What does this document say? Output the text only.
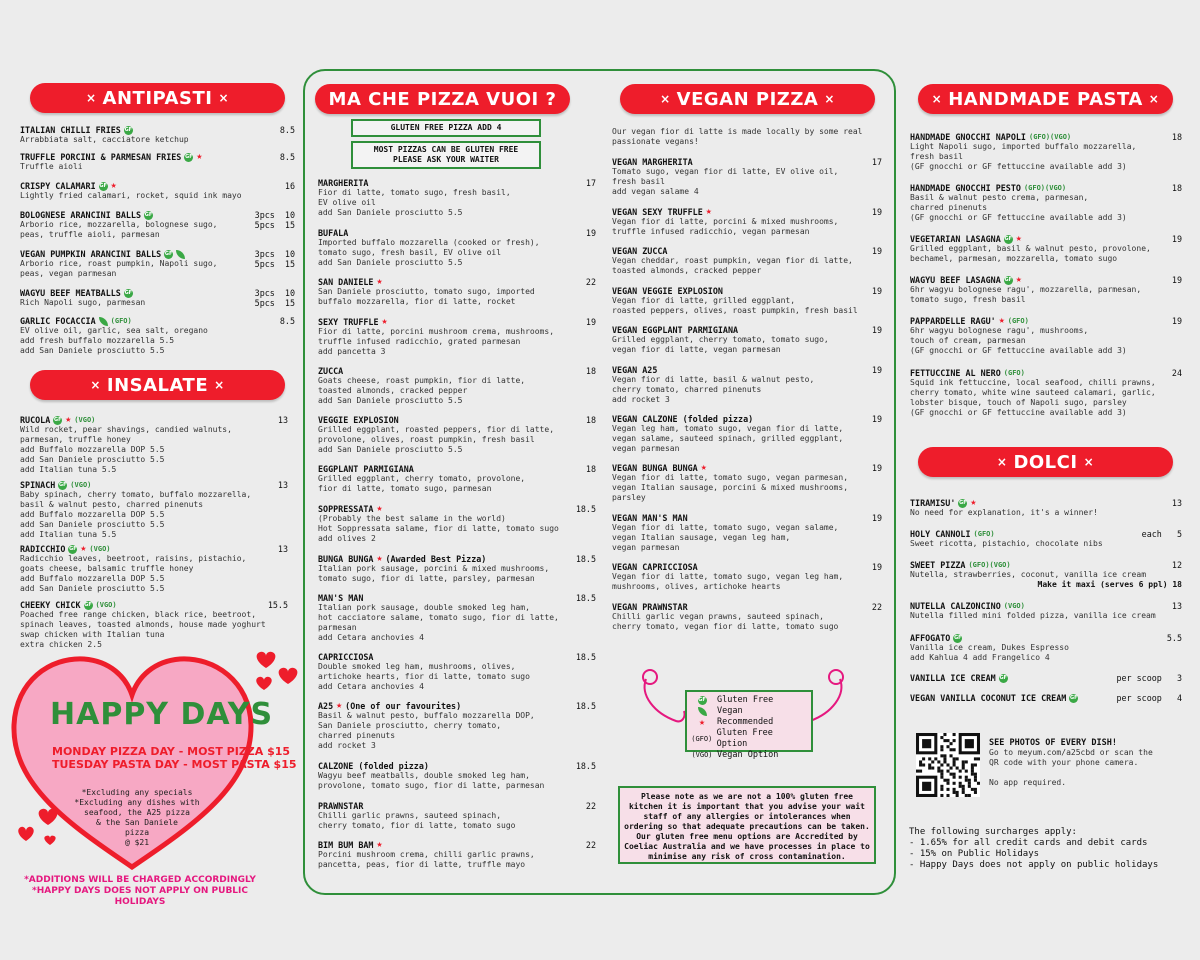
× ANTIPASTI ×	MA CHE PIZZA VUOI ?	× VEGAN PIZZA ×	× HANDMADE PASTA ×
× INSALATE ×
× DOLCI ×
GLUTEN FREE PIZZA ADD 4
MOST PIZZAS CAN BE GLUTEN FREE
PLEASE ASK YOUR WAITER
Our vegan fior di latte is made locally by some real
passionate vegans!
ITALIAN CHILLI FRIES GF	8.5
Arrabbiata salt, cacciatore ketchup
TRUFFLE PORCINI & PARMESAN FRIES GF ★	8.5
Truffle aioli
CRISPY CALAMARI GF ★	16
Lightly fried calamari, rocket, squid ink mayo
BOLOGNESE ARANCINI BALLS GF	3pcs  10
5pcs  15
Arborio rice, mozzarella, bolognese sugo,
peas, truffle aioli, parmesan
VEGAN PUMPKIN ARANCINI BALLS GF	3pcs  10
5pcs  15
Arborio rice, roast pumpkin, Napoli sugo,
peas, vegan parmesan
WAGYU BEEF MEATBALLS GF	3pcs  10
5pcs  15
Rich Napoli sugo, parmesan
GARLIC FOCACCIA (GFO)	8.5
EV olive oil, garlic, sea salt, oregano
add fresh buffalo mozzarella 5.5
add San Daniele prosciutto 5.5
RUCOLA GF ★ (VGO)	13
Wild rocket, pear shavings, candied walnuts,
parmesan, truffle honey
add Buffalo mozzarella DOP 5.5
add San Daniele prosciutto 5.5
add Italian tuna 5.5
SPINACH GF (VGO)	13
Baby spinach, cherry tomato, buffalo mozzarella,
basil & walnut pesto, charred pinenuts
add Buffalo mozzarella DOP 5.5
add San Daniele prosciutto 5.5
add Italian tuna 5.5
RADICCHIO GF ★ (VGO)	13
Radicchio leaves, beetroot, raisins, pistachio,
goats cheese, balsamic truffle honey
add Buffalo mozzarella DOP 5.5
add San Daniele prosciutto 5.5
CHEEKY CHICK GF (VGO)	15.5
Poached free range chicken, black rice, beetroot,
spinach leaves, toasted almonds, house made yoghurt
swap chicken with Italian tuna
extra chicken 2.5
MARGHERITA	17
Fior di latte, tomato sugo, fresh basil,
EV olive oil
add San Daniele prosciutto 5.5
BUFALA	19
Imported buffalo mozzarella (cooked or fresh),
tomato sugo, fresh basil, EV olive oil
add San Daniele prosciutto 5.5
SAN DANIELE ★	22
San Daniele prosciutto, tomato sugo, imported
buffalo mozzarella, fior di latte, rocket
SEXY TRUFFLE ★	19
Fior di latte, porcini mushroom crema, mushrooms,
truffle infused radicchio, grated parmesan
add pancetta 3
ZUCCA	18
Goats cheese, roast pumpkin, fior di latte,
toasted almonds, cracked pepper
add San Daniele prosciutto 5.5
VEGGIE EXPLOSION	18
Grilled eggplant, roasted peppers, fior di latte,
provolone, olives, roast pumpkin, fresh basil
add San Daniele prosciutto 5.5
EGGPLANT PARMIGIANA	18
Grilled eggplant, cherry tomato, provolone,
fior di latte, tomato sugo, parmesan
SOPPRESSATA ★	18.5
(Probably the best salame in the world)
Hot Soppressata salame, fior di latte, tomato sugo
add olives 2
BUNGA BUNGA ★ (Awarded Best Pizza)	18.5
Italian pork sausage, porcini & mixed mushrooms,
tomato sugo, fior di latte, parsley, parmesan
MAN'S MAN	18.5
Italian pork sausage, double smoked leg ham,
hot cacciatore salame, tomato sugo, fior di latte,
parmesan
add Cetara anchovies 4
CAPRICCIOSA	18.5
Double smoked leg ham, mushrooms, olives,
artichoke hearts, fior di latte, tomato sugo
add Cetara anchovies 4
A25 ★ (One of our favourites)	18.5
Basil & walnut pesto, buffalo mozzarella DOP,
San Daniele prosciutto, cherry tomato,
charred pinenuts
add rocket 3
CALZONE (folded pizza)	18.5
Wagyu beef meatballs, double smoked leg ham,
provolone, tomato sugo, fior di latte, parmesan
PRAWNSTAR	22
Chilli garlic prawns, sauteed spinach,
cherry tomato, fior di latte, tomato sugo
BIM BUM BAM ★	22
Porcini mushroom crema, chilli garlic prawns,
pancetta, peas, fior di latte, truffle mayo
VEGAN MARGHERITA	17
Tomato sugo, vegan fior di latte, EV olive oil,
fresh basil
add vegan salame 4
VEGAN SEXY TRUFFLE ★	19
Vegan fior di latte, porcini & mixed mushrooms,
truffle infused radicchio, vegan parmesan
VEGAN ZUCCA	19
Vegan cheddar, roast pumpkin, vegan fior di latte,
toasted almonds, cracked pepper
VEGAN VEGGIE EXPLOSION	19
Vegan fior di latte, grilled eggplant,
roasted peppers, olives, roast pumpkin, fresh basil
VEGAN EGGPLANT PARMIGIANA	19
Grilled eggplant, cherry tomato, tomato sugo,
vegan fior di latte, vegan parmesan
VEGAN A25	19
Vegan fior di latte, basil & walnut pesto,
cherry tomato, charred pinenuts
add rocket 3
VEGAN CALZONE (folded pizza)	19
Vegan leg ham, tomato sugo, vegan fior di latte,
vegan salame, sauteed spinach, grilled eggplant,
vegan parmesan
VEGAN BUNGA BUNGA ★	19
Vegan fior di latte, tomato sugo, vegan parmesan,
vegan Italian sausage, porcini & mixed mushrooms,
parsley
VEGAN MAN'S MAN	19
Vegan fior di latte, tomato sugo, vegan salame,
vegan Italian sausage, vegan leg ham,
vegan parmesan
VEGAN CAPRICCIOSA	19
Vegan fior di latte, tomato sugo, vegan leg ham,
mushrooms, olives, artichoke hearts
VEGAN PRAWNSTAR	22
Chilli garlic vegan prawns, sauteed spinach,
cherry tomato, vegan fior di latte, tomato sugo
HANDMADE GNOCCHI NAPOLI (GFO)(VGO)	18
Light Napoli sugo, imported buffalo mozzarella,
fresh basil
(GF gnocchi or GF fettuccine available add 3)
HANDMADE GNOCCHI PESTO (GFO)(VGO)	18
Basil & walnut pesto crema, parmesan,
charred pinenuts
(GF gnocchi or GF fettuccine available add 3)
VEGETARIAN LASAGNA GF ★	19
Grilled eggplant, basil & walnut pesto, provolone,
bechamel, parmesan, mozzarella, tomato sugo
WAGYU BEEF LASAGNA GF ★	19
6hr wagyu bolognese ragu', mozzarella, parmesan,
tomato sugo, fresh basil
PAPPARDELLE RAGU' ★ (GFO)	19
6hr wagyu bolognese ragu', mushrooms,
touch of cream, parmesan
(GF gnocchi or GF fettuccine available add 3)
FETTUCCINE AL NERO (GFO)	24
Squid ink fettuccine, local seafood, chilli prawns,
cherry tomato, white wine sauteed calamari, garlic,
lobster bisque, touch of Napoli sugo, parsley
(GF gnocchi or GF fettuccine available add 3)
TIRAMISU' GF ★	13
No need for explanation, it's a winner!
HOLY CANNOLI (GFO)	each   5
Sweet ricotta, pistachio, chocolate nibs
SWEET PIZZA (GFO)(VGO)	12
Nutella, strawberries, coconut, vanilla ice cream
Make it maxi (serves 6 ppl) 18
NUTELLA CALZONCINO (VGO)	13
Nutella filled mini folded pizza, vanilla ice cream
AFFOGATO GF	5.5
Vanilla ice cream, Dukes Espresso
add Kahlua 4 add Frangelico 4
VANILLA ICE CREAM GF	per scoop   3
VEGAN VANILLA COCONUT ICE CREAM GF	per scoop   4
GF Gluten Free
Vegan
★ Recommended
(GFO)
Gluten Free Option
(VGO) Vegan Option
Please note as we are not a 100% gluten free kitchen it is important that you advise your wait staff of any allergies or intolerances when ordering so that adequate precautions can be taken. Our gluten free menu options are Accredited by Coeliac Australia and we have processes in place to minimise any risk of cross contamination.
HAPPY DAYS
MONDAY PIZZA DAY - MOST PIZZA $15
TUESDAY PASTA DAY - MOST PASTA $15
*Excluding any specials
*Excluding any dishes with
seafood, the A25 pizza
& the San Daniele
pizza
@ $21
*ADDITIONS WILL BE CHARGED ACCORDINGLY
*HAPPY DAYS DOES NOT APPLY ON PUBLIC HOLIDAYS
SEE PHOTOS OF EVERY DISH!
Go to meyum.com/a25cbd or scan the
QR code with your phone camera.

No app required.
The following surcharges apply:
- 1.65% for all credit cards and debit cards
- 15% on Public Holidays
- Happy Days does not apply on public holidays
